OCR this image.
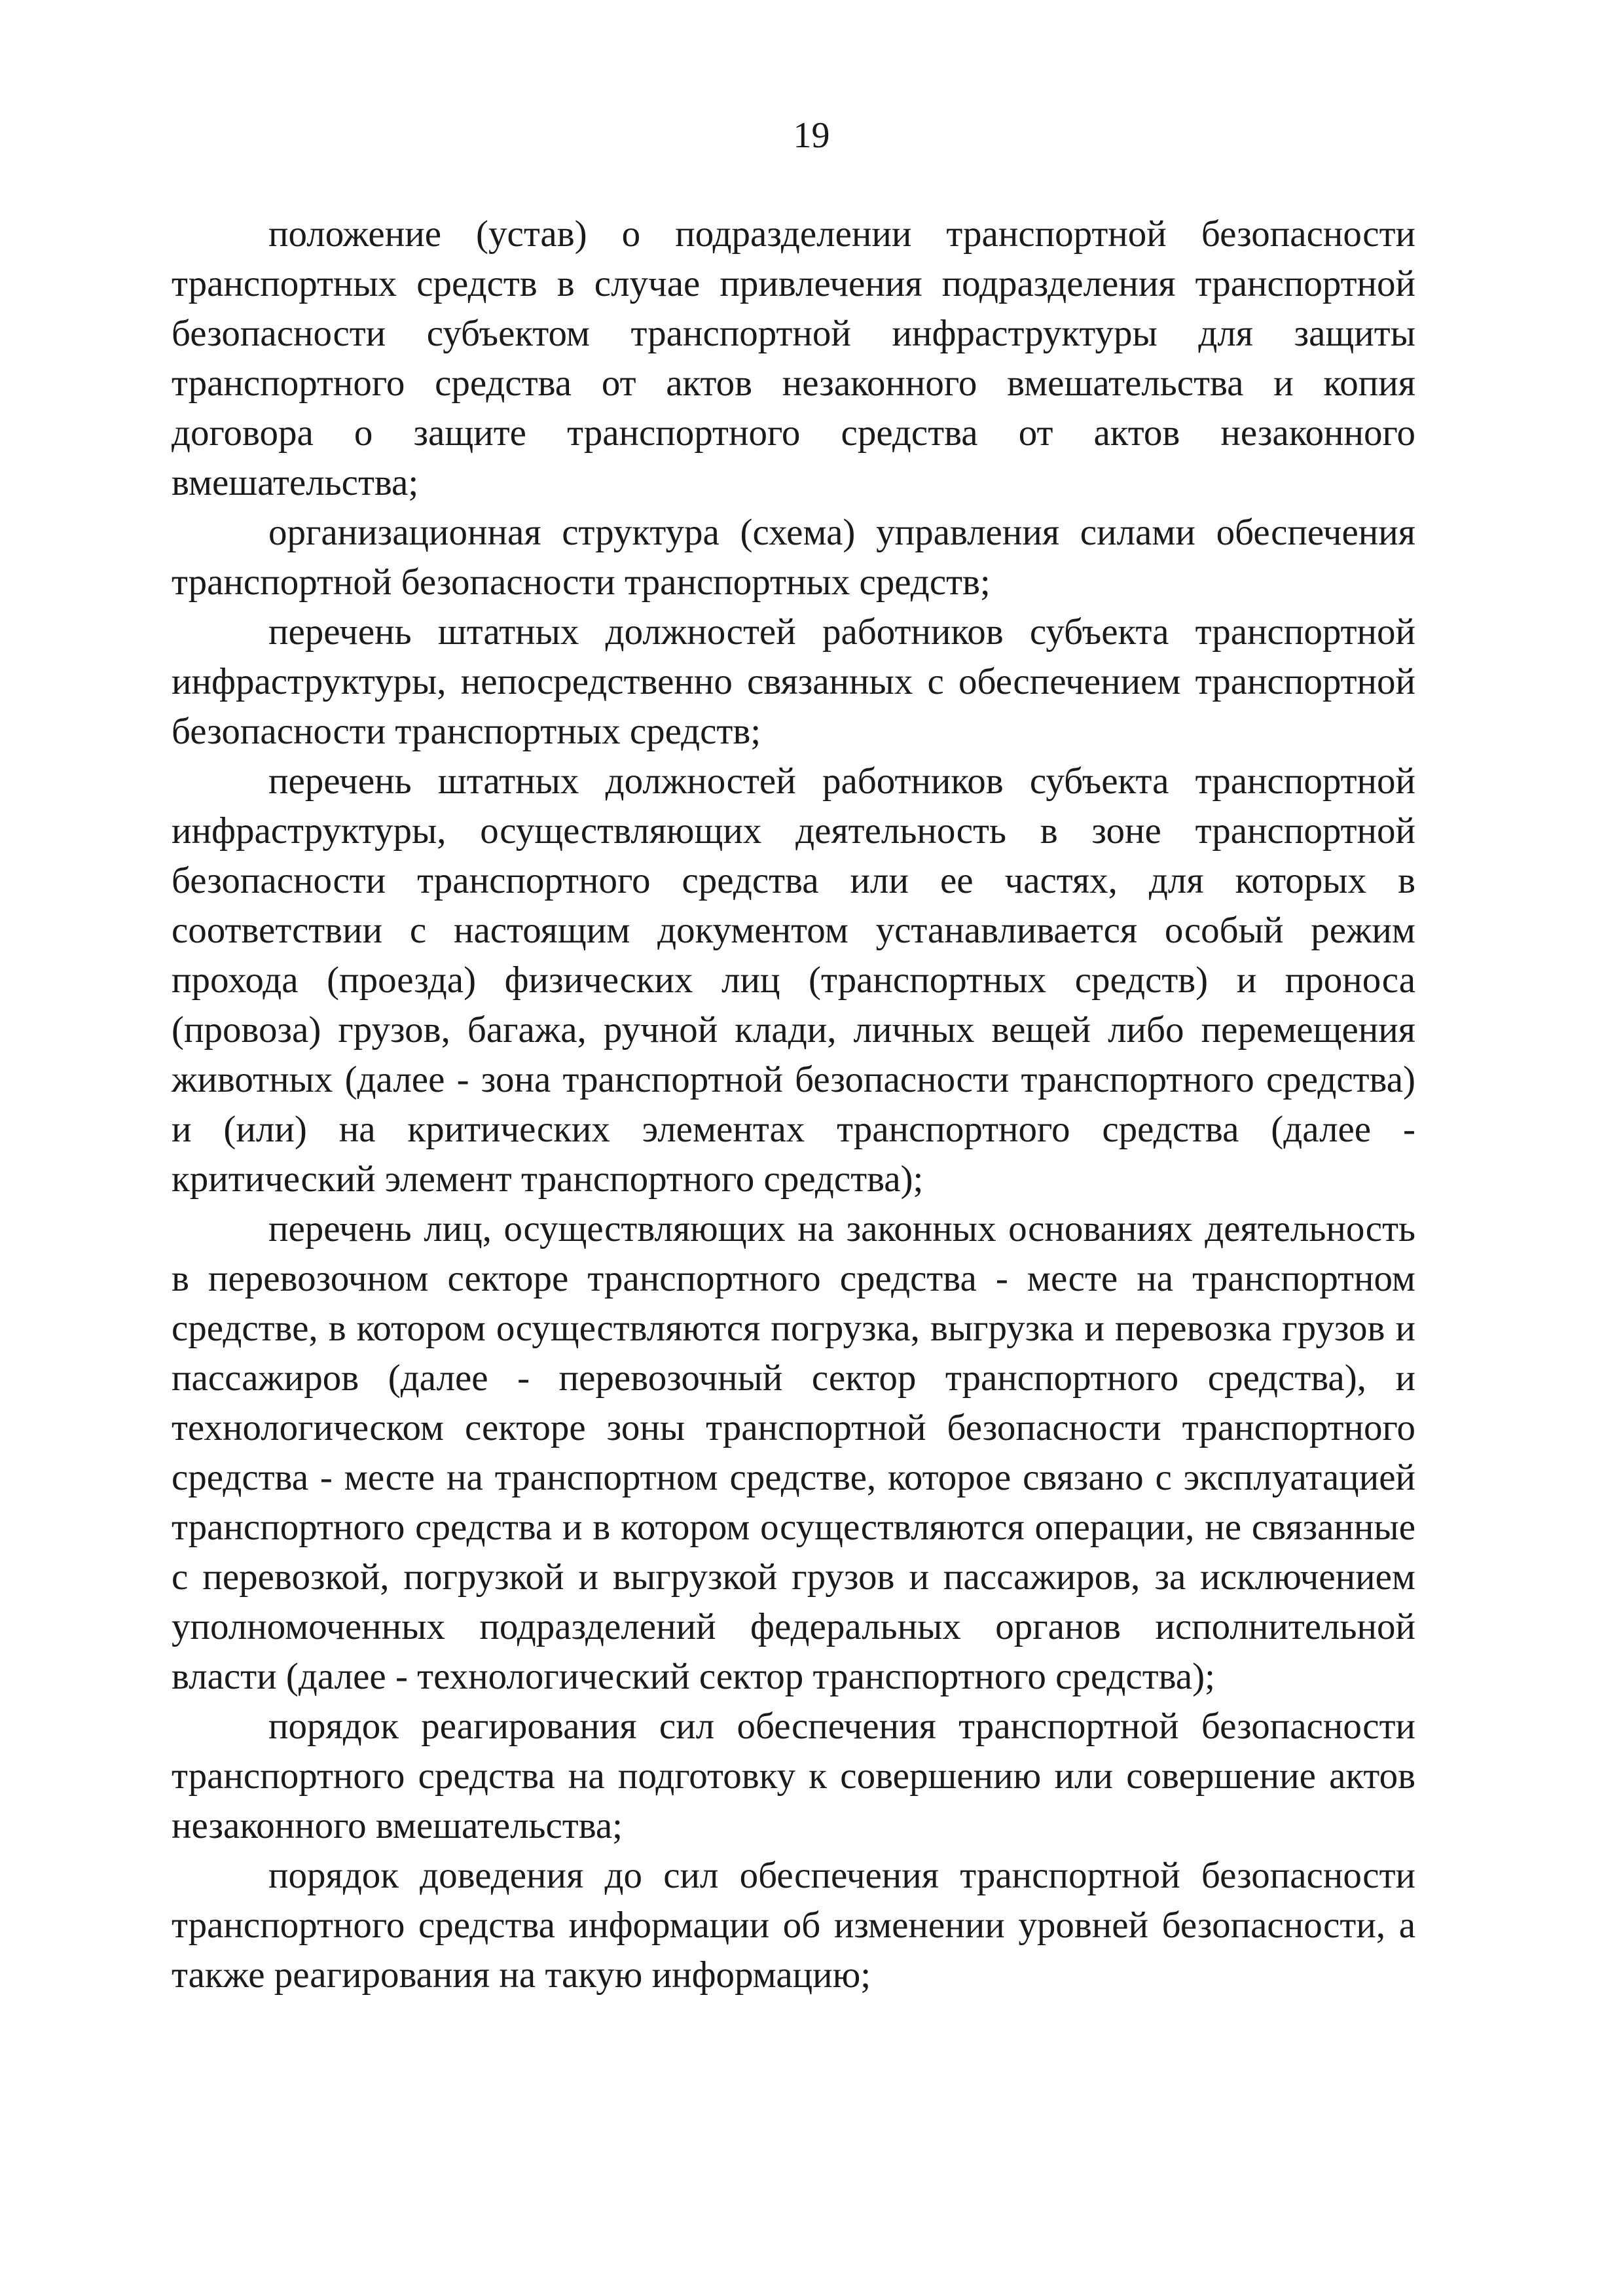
19

положение (устав) о подразделении транспортной безопасности транспортных средств в случае привлечения подразделения транспортной безопасности субъектом транспортной инфраструктуры для защиты транспортного средства от актов незаконного вмешательства и копия договора о защите транспортного средства от актов незаконного вмешательства;

организационная структура (схема) управления силами обеспечения транспортной безопасности транспортных средств;

перечень штатных должностей работников субъекта транспортной инфраструктуры, непосредственно связанных с обеспечением транспортной безопасности транспортных средств;

перечень штатных должностей работников субъекта транспортной инфраструктуры, осуществляющих деятельность в зоне транспортной безопасности транспортного средства или ее частях, для которых в соответствии с настоящим документом устанавливается особый режим прохода (проезда) физических лиц (транспортных средств) и проноса (провоза) грузов, багажа, ручной клади, личных вещей либо перемещения животных (далее - зона транспортной безопасности транспортного средства) и (или) на критических элементах транспортного средства (далее - критический элемент транспортного средства);

перечень лиц, осуществляющих на законных основаниях деятельность в перевозочном секторе транспортного средства - месте на транспортном средстве, в котором осуществляются погрузка, выгрузка и перевозка грузов и пассажиров (далее - перевозочный сектор транспортного средства), и технологическом секторе зоны транспортной безопасности транспортного средства - месте на транспортном средстве, которое связано с эксплуатацией транспортного средства и в котором осуществляются операции, не связанные с перевозкой, погрузкой и выгрузкой грузов и пассажиров, за исключением уполномоченных подразделений федеральных органов исполнительной власти (далее - технологический сектор транспортного средства);

порядок реагирования сил обеспечения транспортной безопасности транспортного средства на подготовку к совершению или совершение актов незаконного вмешательства;

порядок доведения до сил обеспечения транспортной безопасности транспортного средства информации об изменении уровней безопасности, а также реагирования на такую информацию;
